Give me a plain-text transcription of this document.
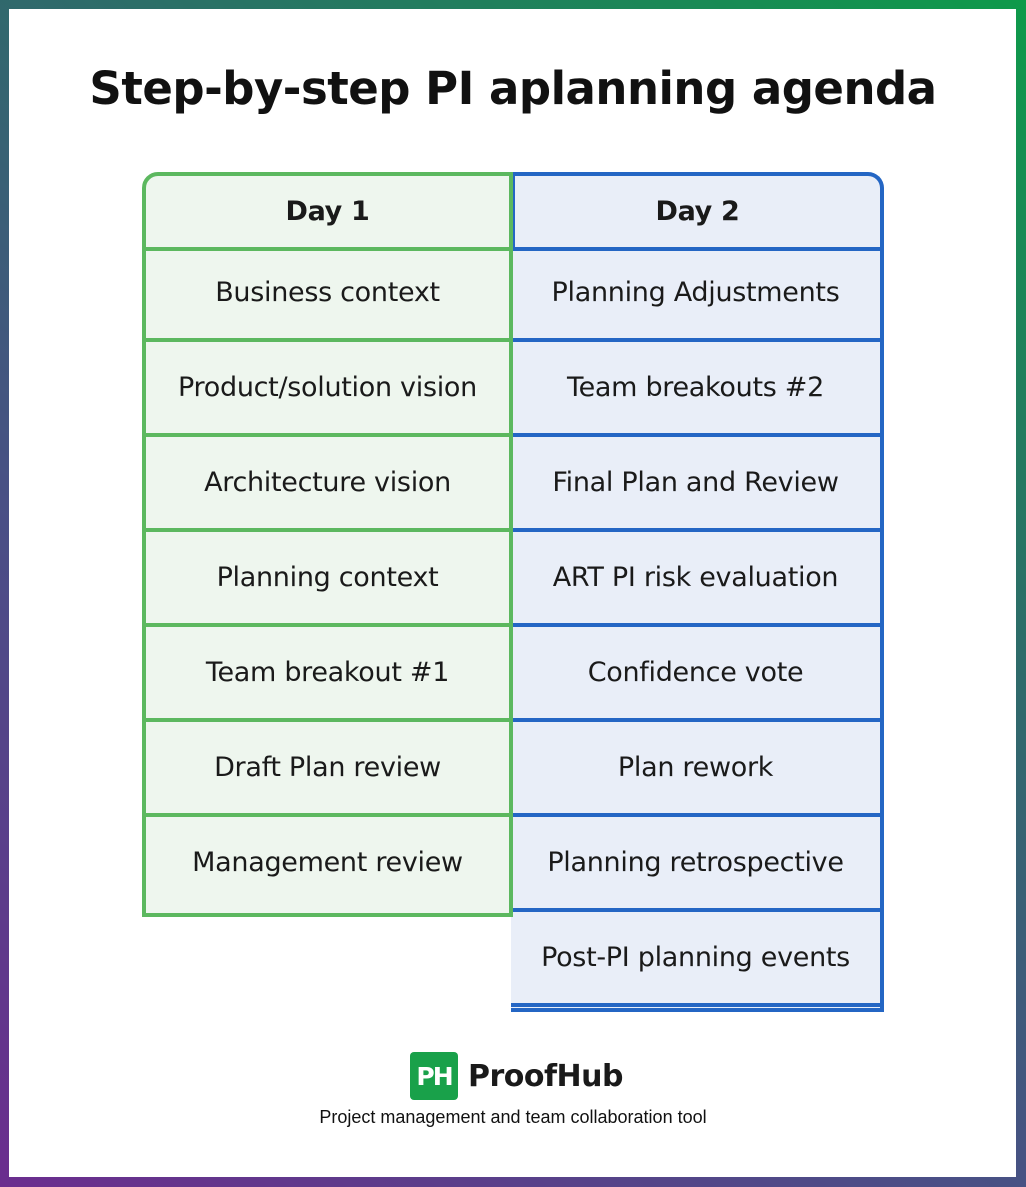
Step-by-step PI aplanning agenda
Day 1
Business context
Product/solution vision
Architecture vision
Planning context
Team breakout #1
Draft Plan review
Management review
Day 2
Planning Adjustments
Team breakouts #2
Final Plan and Review
ART PI risk evaluation
Confidence vote
Plan rework
Planning retrospective
Post-PI planning events
PH ProofHub
Project management and team collaboration tool
